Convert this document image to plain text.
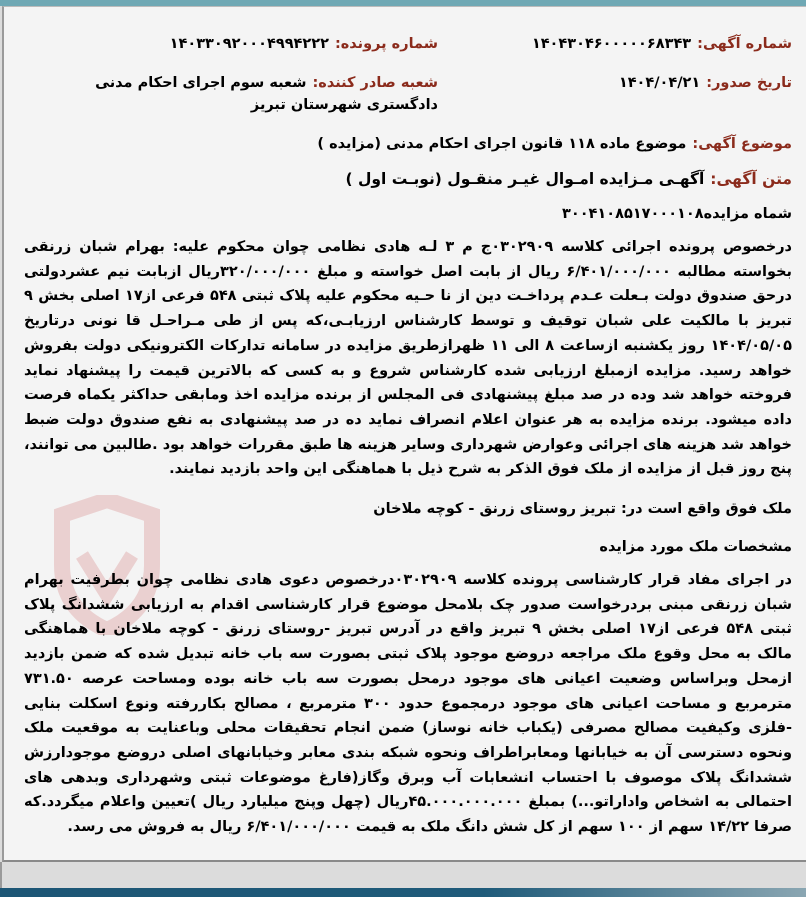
شماره آگهی:۱۴۰۴۳۰۴۶۰۰۰۰۰۶۸۳۴۳
شماره پرونده:۱۴۰۳۳۰۹۲۰۰۰۴۹۹۴۲۲۲
تاریخ صدور:۱۴۰۴/۰۴/۲۱
شعبه صادر کننده:شعبه سوم اجرای احکام مدنی دادگستری شهرستان تبریز
موضوع آگهی:موضوع ماده ۱۱۸ قانون اجرای احکام مدنی (مزایده )
متن آگهی:آگهـی مـزایده امـوال غیـر منقـول (نوبـت اول )
شماه مزایده۳۰۰۴۱۰۸۵۱۷۰۰۰۱۰۸
درخصوص پرونده اجرائی کلاسه ۰۳۰۲۹۰۹ج م ۳ لـه هادی نظامی چوان محکوم علیه: بهرام شبان زرنقی بخواسته مطالبه ۶/۴۰۱/۰۰۰/۰۰۰ ریال از بابت اصل خواسته و مبلغ ۳۲۰/۰۰۰/۰۰۰ریال ازبابت نیم عشردولتی درحق صندوق دولت بـعلت عـدم پرداخـت دین از نا حـیه محکوم علیه پلاک ثبتی ۵۴۸ فرعی از۱۷ اصلی بخش ۹ تبریز با مالکیت علی شبان توقیف و توسط کارشناس ارزیابـی،که پس از طی مـراحـل قا نونی درتاریخ ۱۴۰۴/۰۵/۰۵ روز یکشنبه ازساعت ۸ الی ۱۱ ظهرازطریق مزایده در سامانه تدارکات الکترونیکی دولت بفروش خواهد رسید. مزایده ازمبلغ ارزیابی شده کارشناس شروع و به کسی که بالاترین قیمت را پیشنهاد نماید فروخته خواهد شد وده در صد مبلغ پیشنهادی فی المجلس از برنده مزایده اخذ ومابقی حداکثر یکماه فرصت داده میشود. برنده مزایده به هر عنوان اعلام انصراف نماید ده در صد پیشنهادی به نفع صندوق دولت ضبط خواهد شد هزینه های اجرائی وعوارض شهرداری وسایر هزینه ها طبق مقررات خواهد بود .طالبین می توانند، پنج روز قبل از مزایده از ملک فوق الذکر به شرح ذیل با هماهنگی این واحد بازدید نمایند.
ملک فوق واقع است در: تبریز روستای زرنق - کوچه ملاخان
مشخصات ملک مورد مزایده
در اجرای مفاد قرار کارشناسی پرونده کلاسه ۰۳۰۲۹۰۹درخصوص دعوی هادی نظامی چوان بطرفیت بهرام شبان زرنقی مبنی بردرخواست صدور چک بلامحل موضوع قرار کارشناسی اقدام به ارزیابی ششدانگ پلاک ثبتی ۵۴۸ فرعی از۱۷ اصلی بخش ۹ تبریز واقع در آدرس تبریز -روستای زرنق - کوچه ملاخان با هماهنگی مالک به محل وقوع ملک مراجعه دروضع موجود پلاک ثبتی بصورت سه باب خانه تبدیل شده که ضمن بازدید ازمحل وبراساس وضعیت اعیانی های موجود درمحل بصورت سه باب خانه بوده ومساحت عرصه ۷۳۱.۵۰ مترمربع و مساحت اعیانی های موجود درمجموع حدود ۳۰۰ مترمربع ، مصالح بکاررفته ونوع اسکلت بنایی -فلزی وکیفیت مصالح مصرفی (یکباب خانه نوساز) ضمن انجام تحقیقات محلی وباعنایت به موقعیت ملک ونحوه دسترسی آن به خیابانها ومعابراطراف ونحوه شبکه بندی معابر وخیابانهای اصلی دروضع موجودارزش ششدانگ پلاک موصوف با احتساب انشعابات آب وبرق وگاز(فارغ موضوعات ثبتی وشهرداری وبدهی های احتمالی به اشخاص واداراتو...) بمبلغ ۴۵.۰۰۰.۰۰۰.۰۰۰ریال (چهل وپنج میلیارد ریال )تعیین واعلام میگردد.که صرفا ۱۴/۲۲ سهم از ۱۰۰ سهم از کل شش دانگ ملک به قیمت ۶/۴۰۱/۰۰۰/۰۰۰ ریال به فروش می رسد.
